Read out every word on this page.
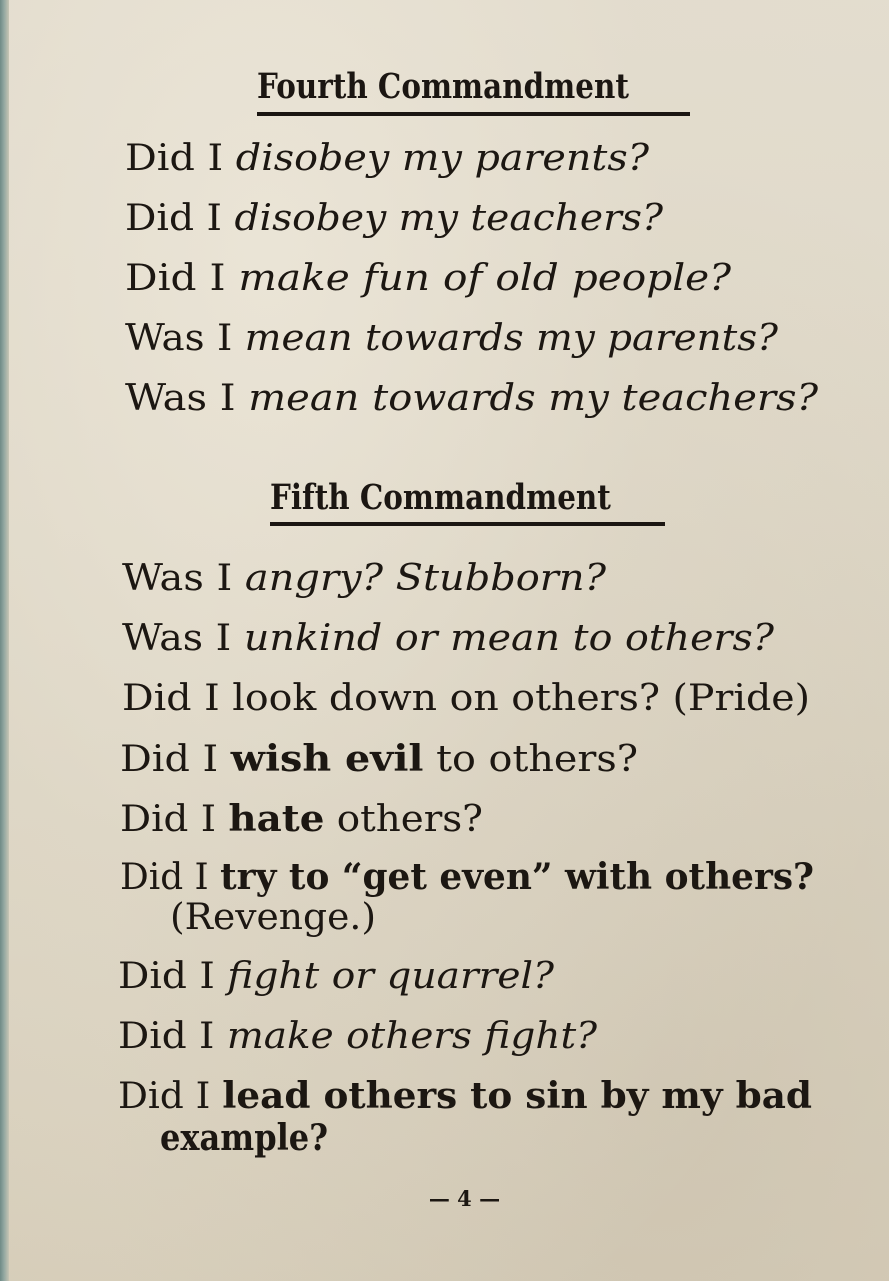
Fourth Commandment
Did I disobey my parents?
Did I disobey my teachers?
Did I make fun of old people?
Was I mean towards my parents?
Was I mean towards my teachers?
Fifth Commandment
Was I angry? Stubborn?
Was I unkind or mean to others?
Did I look down on others? (Pride)
Did I wish evil to others?
Did I hate others?
Did I try to “get even” with others?
(Revenge.)
Did I fight or quarrel?
Did I make others fight?
Did I lead others to sin by my bad
example?
— 4 —
